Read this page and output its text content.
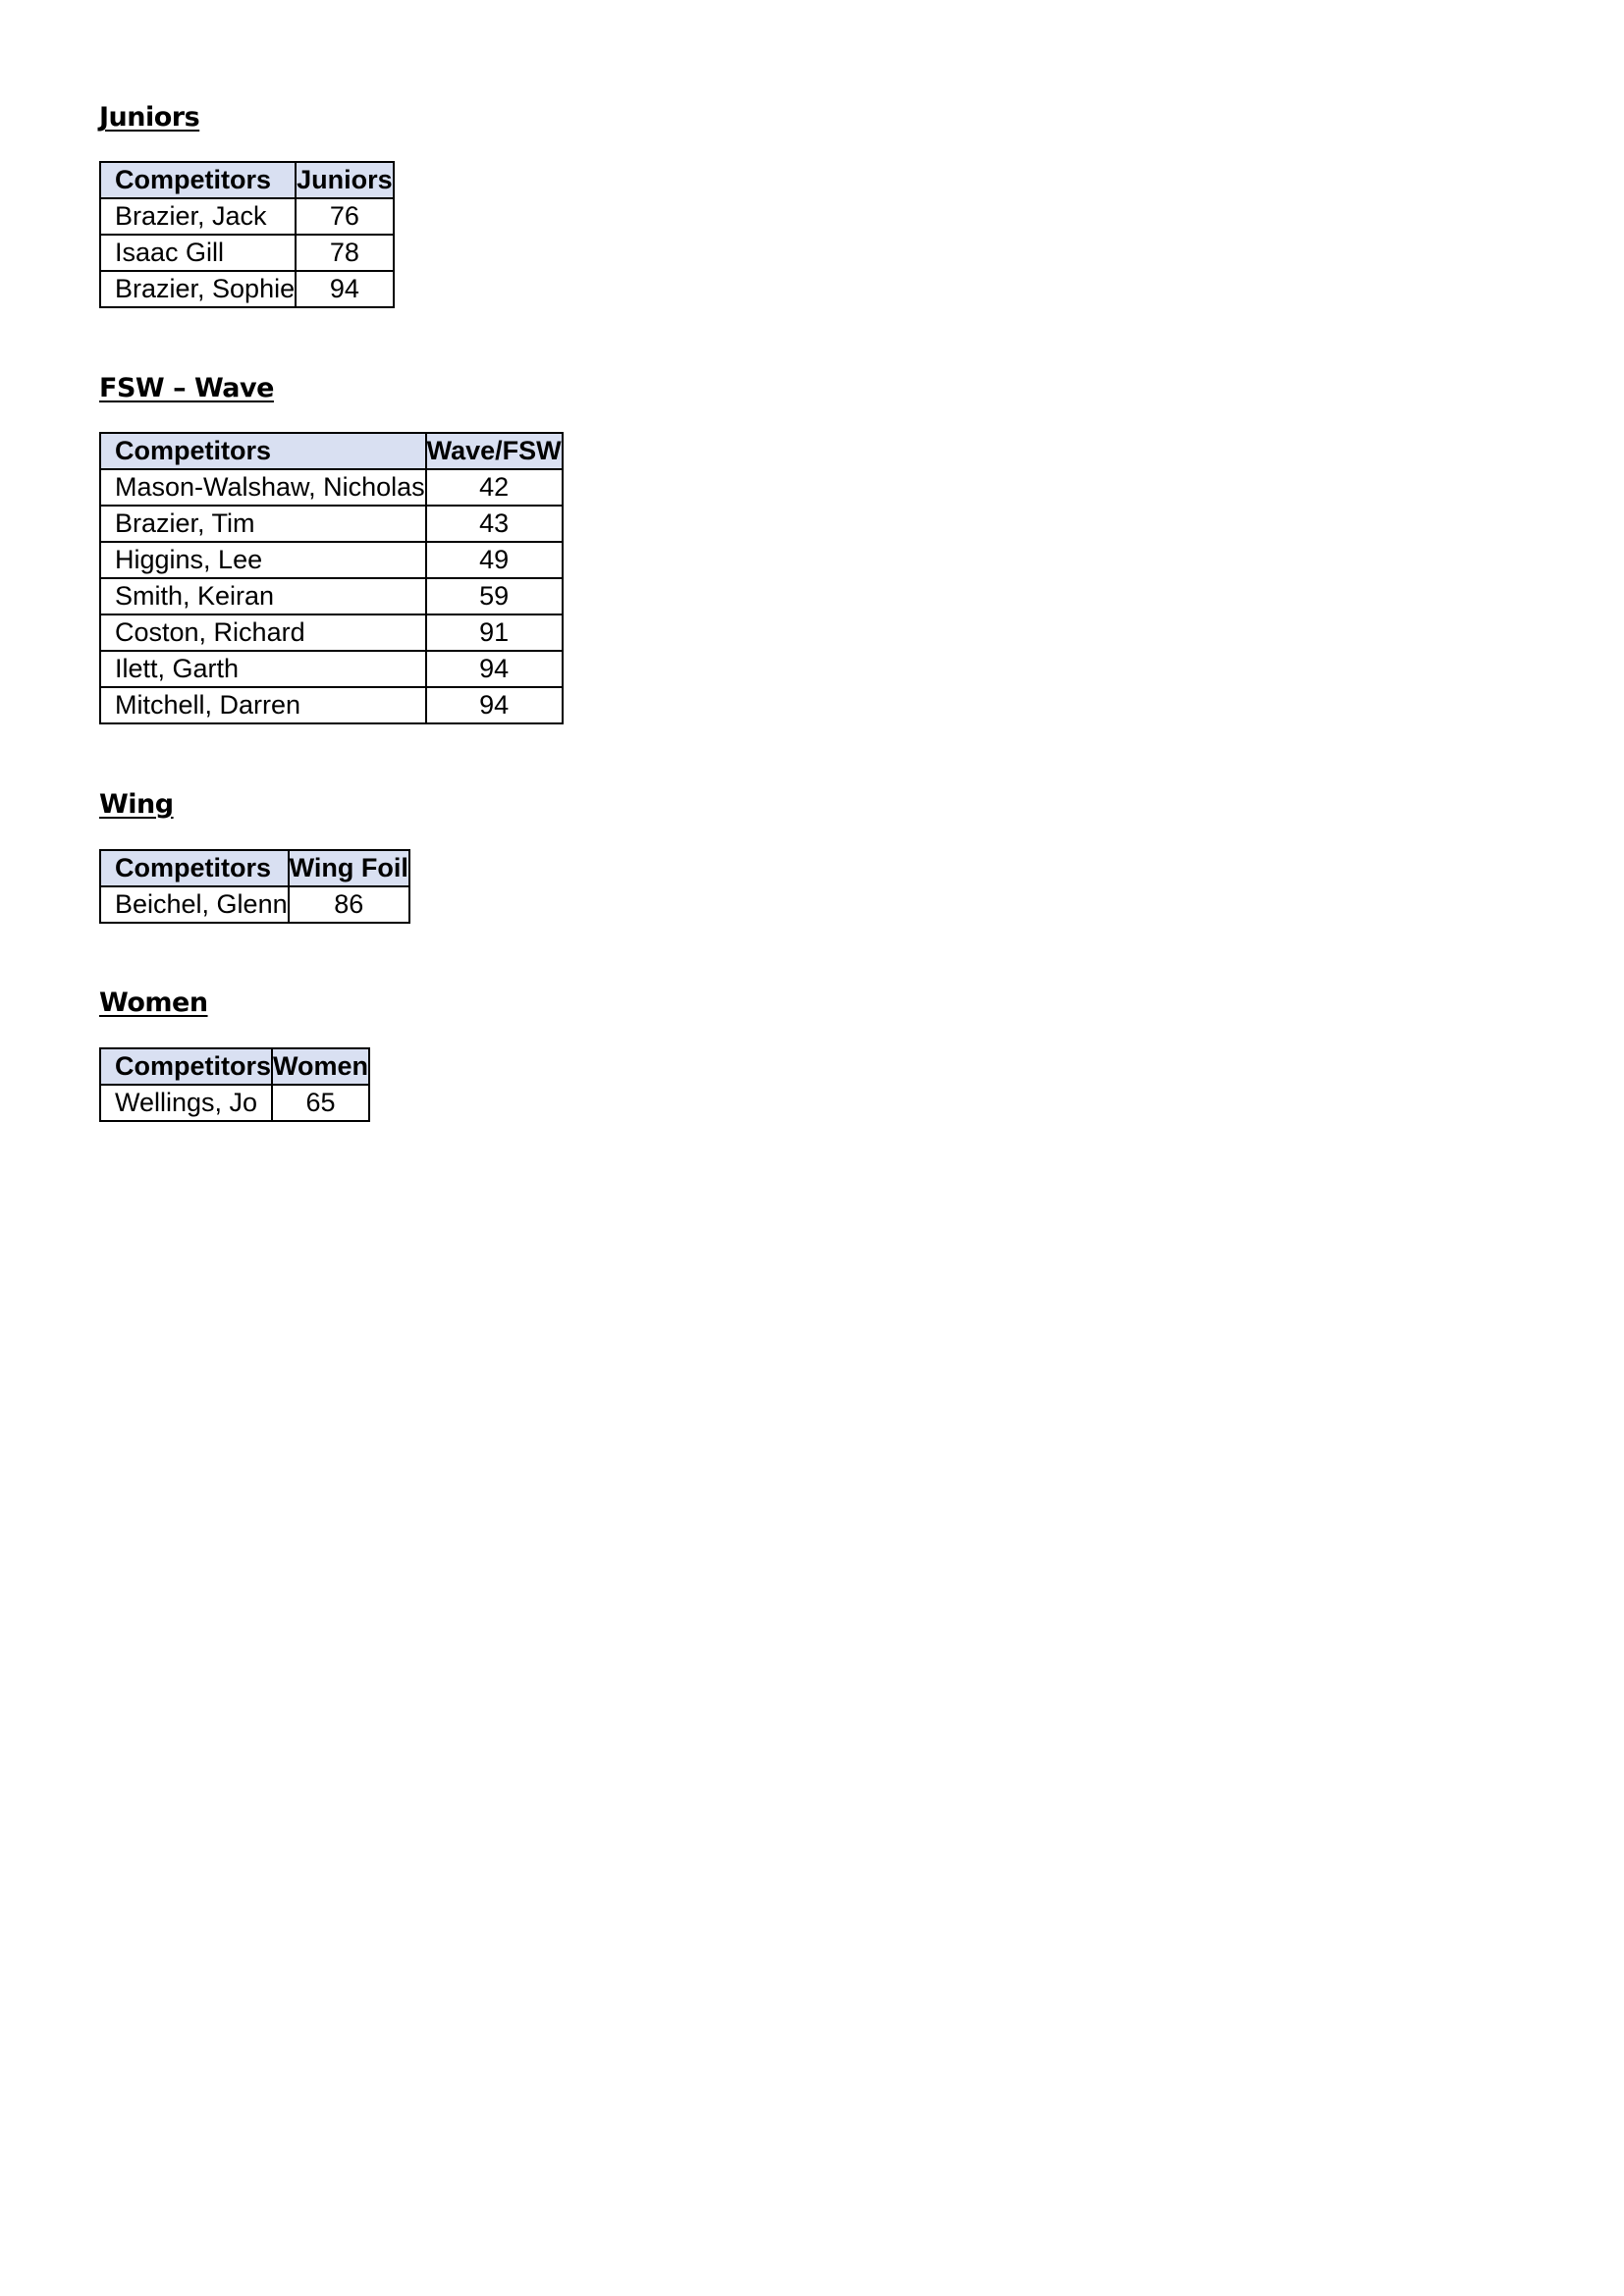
Juniors
Competitors	Juniors
Brazier, Jack	76
Isaac Gill	78
Brazier, Sophie	94
FSW – Wave
Competitors	Wave/FSW
Mason-Walshaw, Nicholas	42
Brazier, Tim	43
Higgins, Lee	49
Smith, Keiran	59
Coston, Richard	91
Ilett, Garth	94
Mitchell, Darren	94
Wing
Competitors	Wing Foil
Beichel, Glenn	86
Women
Competitors	Women
Wellings, Jo	65
